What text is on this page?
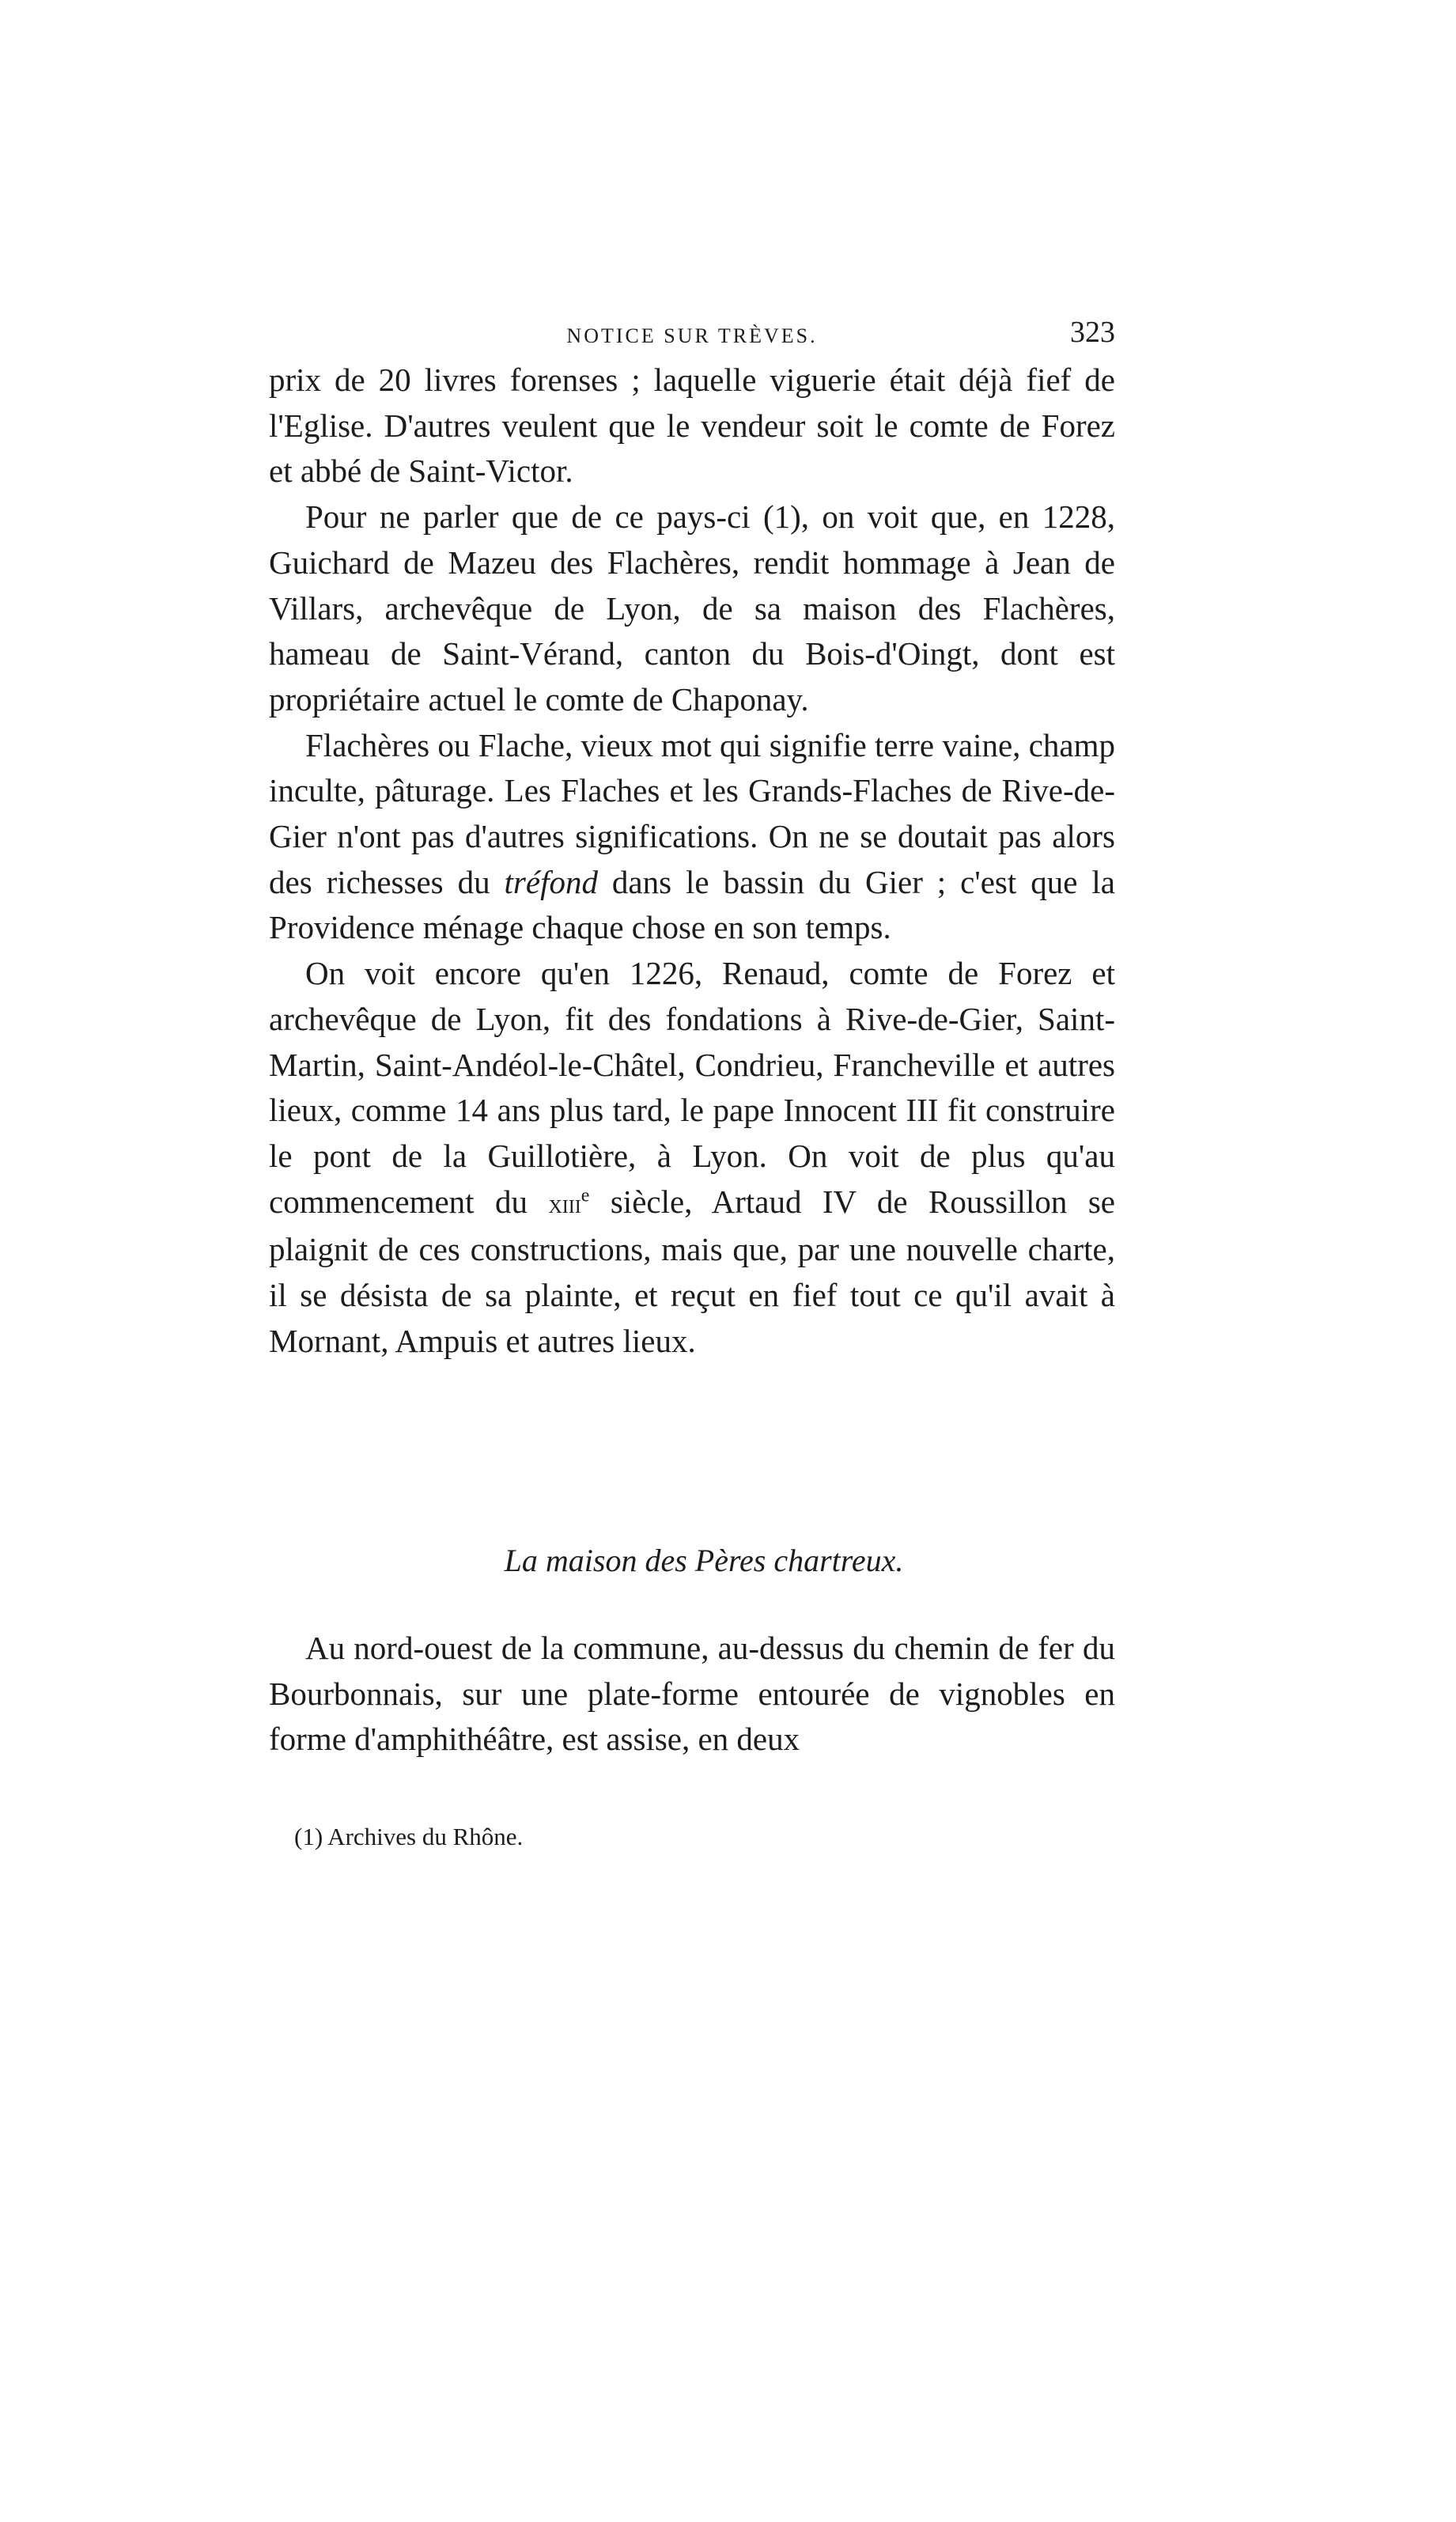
NOTICE SUR TRÈVES.	323

prix de 20 livres forenses ; laquelle viguerie était déjà fief de l'Eglise. D'autres veulent que le vendeur soit le comte de Forez et abbé de Saint-Victor.

Pour ne parler que de ce pays-ci (1), on voit que, en 1228, Guichard de Mazeu des Flachères, rendit hommage à Jean de Villars, archevêque de Lyon, de sa maison des Flachères, hameau de Saint-Vérand, canton du Bois-d'Oingt, dont est propriétaire actuel le comte de Chaponay.

Flachères ou Flache, vieux mot qui signifie terre vaine, champ inculte, pâturage. Les Flaches et les Grands-Flaches de Rive-de-Gier n'ont pas d'autres significations. On ne se doutait pas alors des richesses du tréfond dans le bassin du Gier ; c'est que la Providence ménage chaque chose en son temps.

On voit encore qu'en 1226, Renaud, comte de Forez et archevêque de Lyon, fit des fondations à Rive-de-Gier, Saint-Martin, Saint-Andéol-le-Châtel, Condrieu, Francheville et autres lieux, comme 14 ans plus tard, le pape Innocent III fit construire le pont de la Guillotière, à Lyon. On voit de plus qu'au commencement du xiii$^e$ siècle, Artaud IV de Roussillon se plaignit de ces constructions, mais que, par une nouvelle charte, il se désista de sa plainte, et reçut en fief tout ce qu'il avait à Mornant, Ampuis et autres lieux.

La maison des Pères chartreux.

Au nord-ouest de la commune, au-dessus du chemin de fer du Bourbonnais, sur une plate-forme entourée de vignobles en forme d'amphithéâtre, est assise, en deux

(1) Archives du Rhône.
